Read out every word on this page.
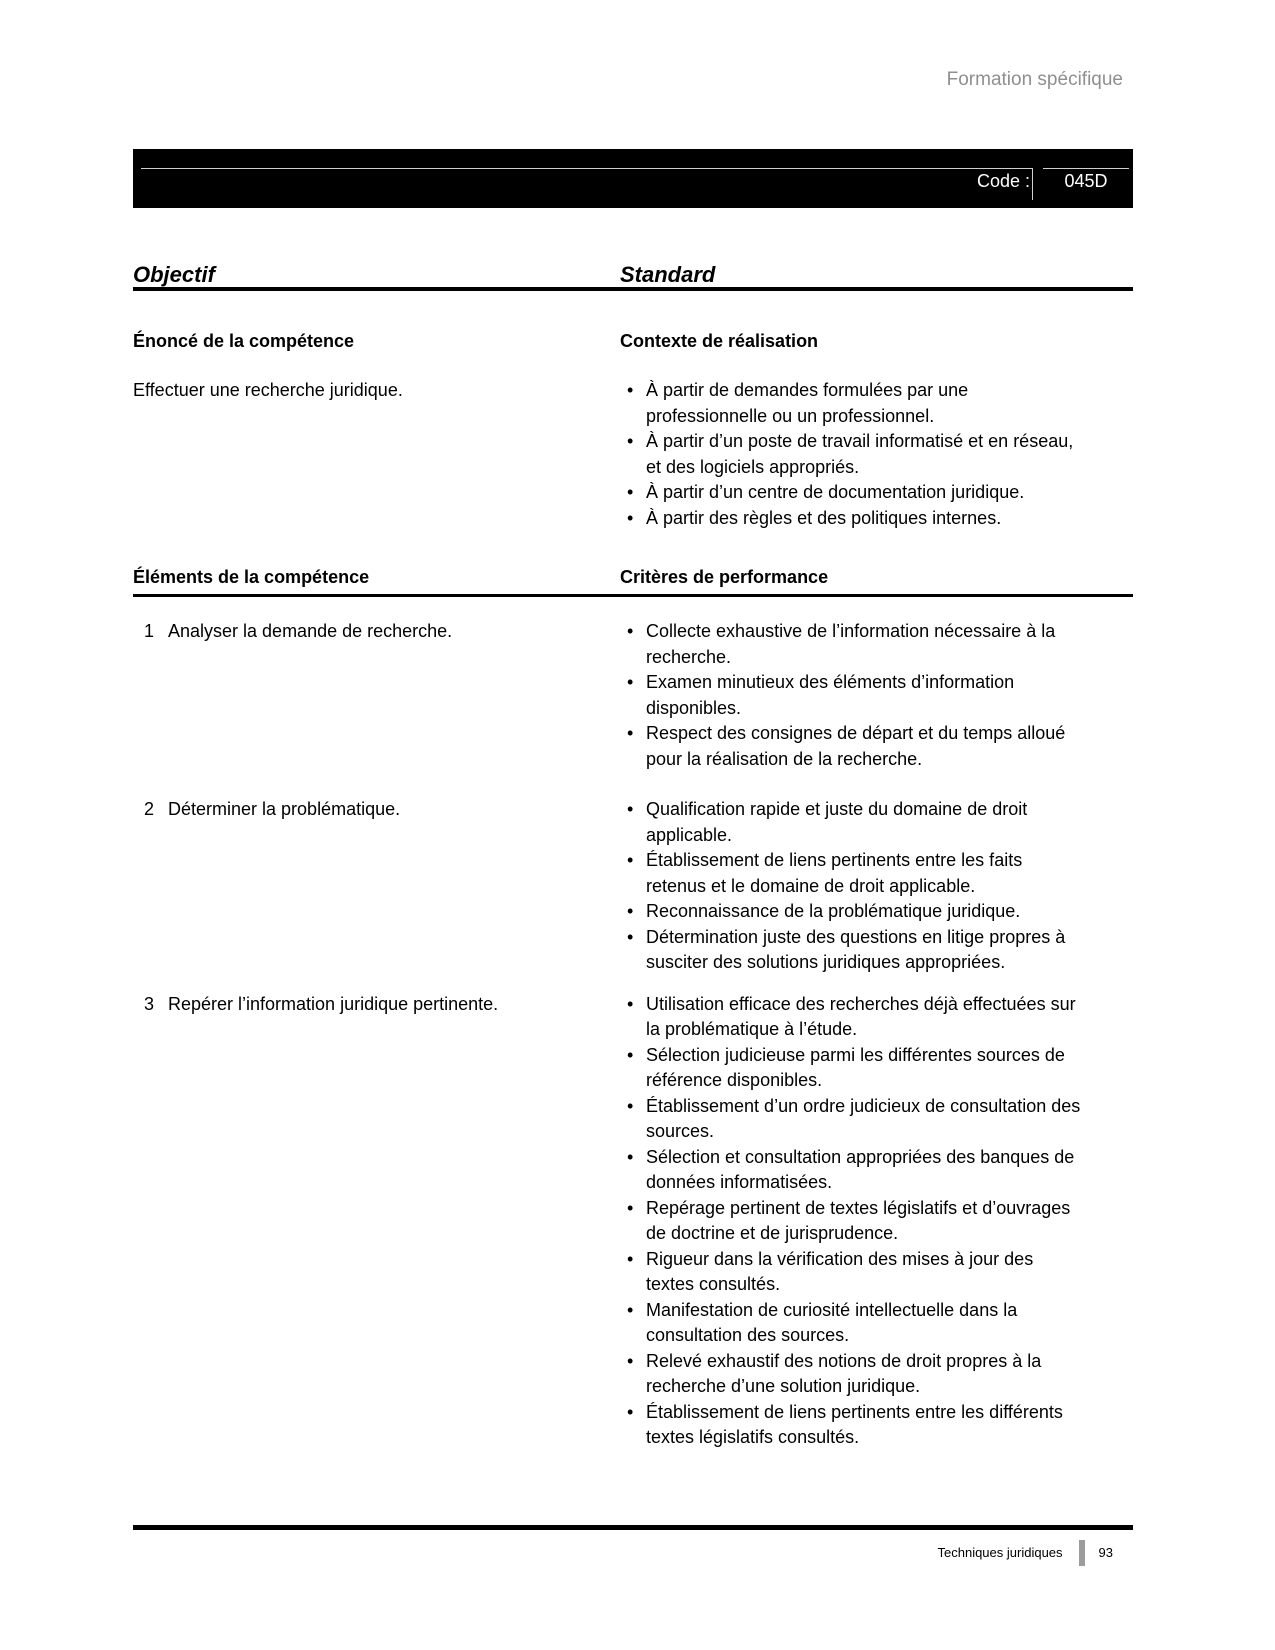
Formation spécifique
Code :	045D
Objectif	Standard
Énoncé de la compétence	Contexte de réalisation

Effectuer une recherche juridique.	• À partir de demandes formulées par une professionnelle ou un professionnel.
• À partir d’un poste de travail informatisé et en réseau, et des logiciels appropriés.
• À partir d’un centre de documentation juridique.
• À partir des règles et des politiques internes.
Éléments de la compétence	Critères de performance
1 Analyser la demande de recherche.	• Collecte exhaustive de l’information nécessaire à la recherche.
• Examen minutieux des éléments d’information disponibles.
• Respect des consignes de départ et du temps alloué pour la réalisation de la recherche.
2 Déterminer la problématique.	• Qualification rapide et juste du domaine de droit applicable.
• Établissement de liens pertinents entre les faits retenus et le domaine de droit applicable.
• Reconnaissance de la problématique juridique.
• Détermination juste des questions en litige propres à susciter des solutions juridiques appropriées.
3 Repérer l’information juridique pertinente.	• Utilisation efficace des recherches déjà effectuées sur la problématique à l’étude.
• Sélection judicieuse parmi les différentes sources de référence disponibles.
• Établissement d’un ordre judicieux de consultation des sources.
• Sélection et consultation appropriées des banques de données informatisées.
• Repérage pertinent de textes législatifs et d’ouvrages de doctrine et de jurisprudence.
• Rigueur dans la vérification des mises à jour des textes consultés.
• Manifestation de curiosité intellectuelle dans la consultation des sources.
• Relevé exhaustif des notions de droit propres à la recherche d’une solution juridique.
• Établissement de liens pertinents entre les différents textes législatifs consultés.
Techniques juridiques	93
